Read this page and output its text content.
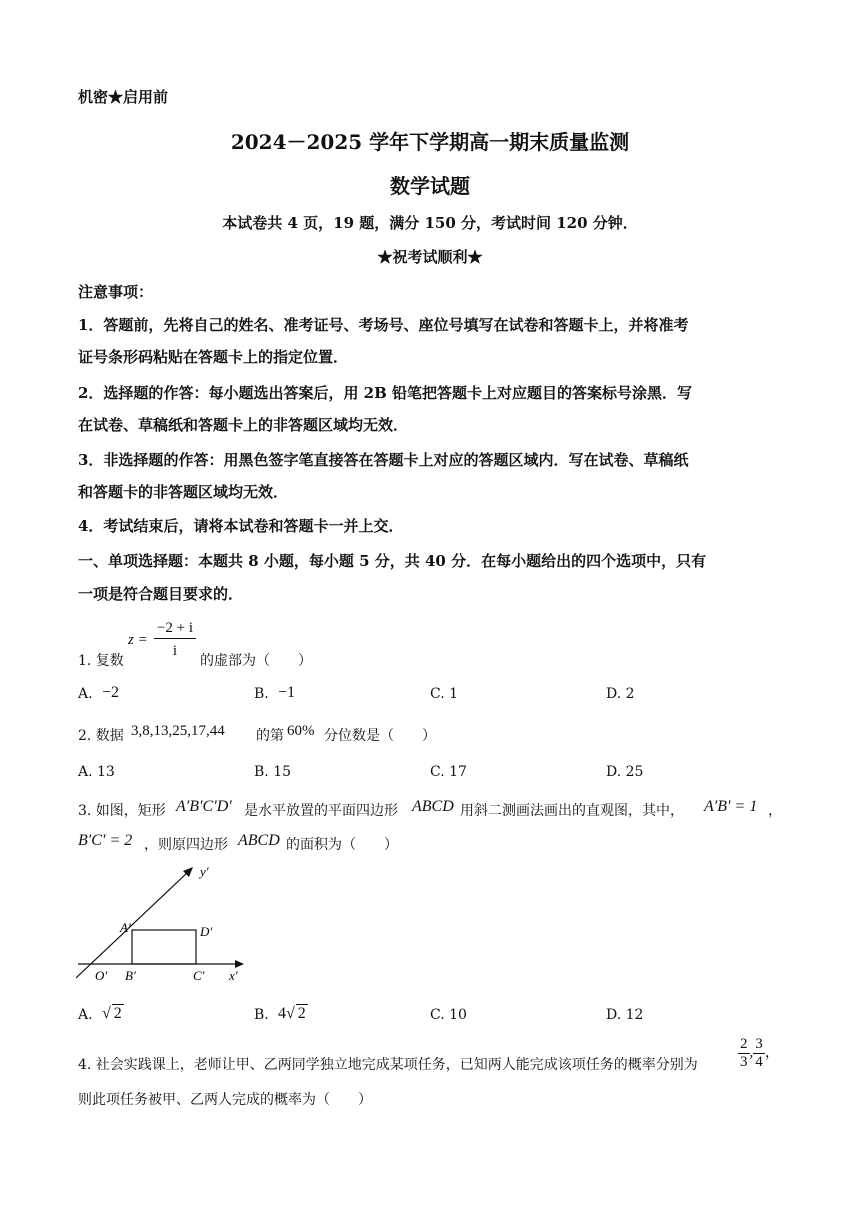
机密★启用前
2024－2025 学年下学期高一期末质量监测
数学试题
本试卷共 4 页，19 题，满分 150 分，考试时间 120 分钟．
★祝考试顺利★
注意事项：
1．答题前，先将自己的姓名、准考证号、考场号、座位号填写在试卷和答题卡上，并将准考
证号条形码粘贴在答题卡上的指定位置．
2．选择题的作答：每小题选出答案后，用 2B 铅笔把答题卡上对应题目的答案标号涂黑．写
在试卷、草稿纸和答题卡上的非答题区域均无效．
3．非选择题的作答：用黑色签字笔直接答在答题卡上对应的答题区域内．写在试卷、草稿纸
和答题卡的非答题区域均无效．
4．考试结束后，请将本试卷和答题卡一并上交．
一、单项选择题：本题共 8 小题，每小题 5 分，共 40 分．在每小题给出的四个选项中，只有
一项是符合题目要求的．
1. 复数
z =
−2 + i
i
的虚部为（　　）
A. −2	B. −1	C. 1	D. 2
2. 数据 3,8,13,25,17,44 的第 60% 分位数是（　　）
A. 13	B. 15	C. 17	D. 25
3. 如图，矩形 A′B′C′D′ 是水平放置的平面四边形 ABCD 用斜二测画法画出的直观图，其中， A′B′ = 1 ，
B′C′ = 2 ，则原四边形 ABCD 的面积为（　　）
y′
x′
O′
A′
B′	C′
D′
A. √ 2	B. 4√ 2	C. 10	D. 12
4. 社会实践课上，老师让甲、乙两同学独立地完成某项任务，已知两人能完成该项任务的概率分别为	$\frac{2}{3}$ , $\frac{3}{4}$ ，
则此项任务被甲、乙两人完成的概率为（　　）
